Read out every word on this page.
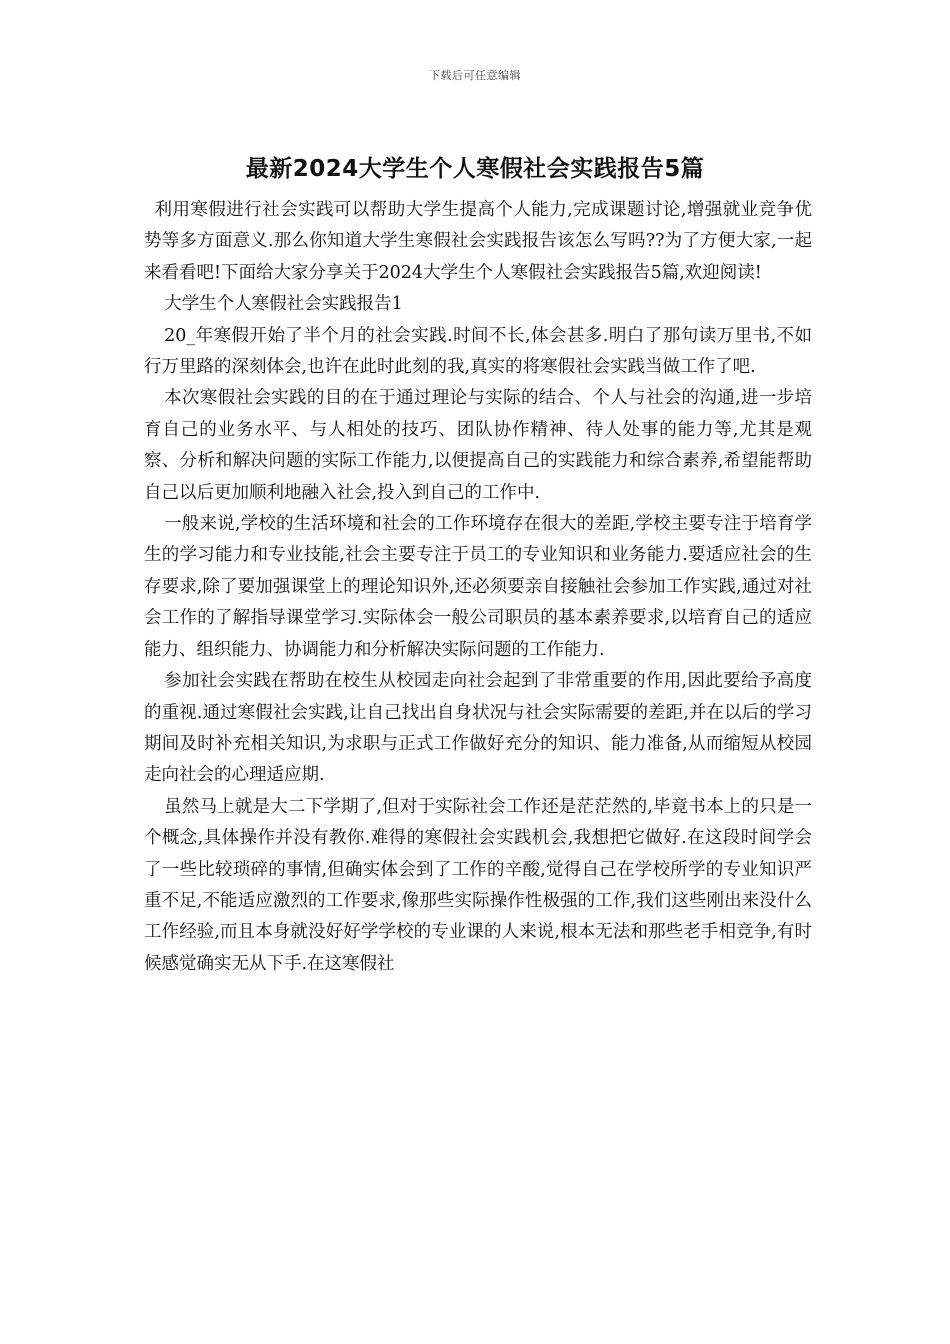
下载后可任意编辑
最新2024大学生个人寒假社会实践报告5篇

利用寒假进行社会实践可以帮助大学生提高个人能力,完成课题讨论,增强就业竞争优势等多方面意义.那么你知道大学生寒假社会实践报告该怎么写吗??为了方便大家,一起来看看吧!下面给大家分享关于2024大学生个人寒假社会实践报告5篇,欢迎阅读!

大学生个人寒假社会实践报告1

20_年寒假开始了半个月的社会实践.时间不长,体会甚多.明白了那句读万里书,不如行万里路的深刻体会,也许在此时此刻的我,真实的将寒假社会实践当做工作了吧.

本次寒假社会实践的目的在于通过理论与实际的结合、个人与社会的沟通,进一步培育自己的业务水平、与人相处的技巧、团队协作精神、待人处事的能力等,尤其是观察、分析和解决问题的实际工作能力,以便提高自己的实践能力和综合素养,希望能帮助自己以后更加顺利地融入社会,投入到自己的工作中.

一般来说,学校的生活环境和社会的工作环境存在很大的差距,学校主要专注于培育学生的学习能力和专业技能,社会主要专注于员工的专业知识和业务能力.要适应社会的生存要求,除了要加强课堂上的理论知识外,还必须要亲自接触社会参加工作实践,通过对社会工作的了解指导课堂学习.实际体会一般公司职员的基本素养要求,以培育自己的适应能力、组织能力、协调能力和分析解决实际问题的工作能力.

参加社会实践在帮助在校生从校园走向社会起到了非常重要的作用,因此要给予高度的重视.通过寒假社会实践,让自己找出自身状况与社会实际需要的差距,并在以后的学习期间及时补充相关知识,为求职与正式工作做好充分的知识、能力准备,从而缩短从校园走向社会的心理适应期.

虽然马上就是大二下学期了,但对于实际社会工作还是茫茫然的,毕竟书本上的只是一个概念,具体操作并没有教你.难得的寒假社会实践机会,我想把它做好.在这段时间学会了一些比较琐碎的事情,但确实体会到了工作的辛酸,觉得自己在学校所学的专业知识严重不足,不能适应激烈的工作要求,像那些实际操作性极强的工作,我们这些刚出来没什么工作经验,而且本身就没好好学学校的专业课的人来说,根本无法和那些老手相竞争,有时候感觉确实无从下手.在这寒假社
